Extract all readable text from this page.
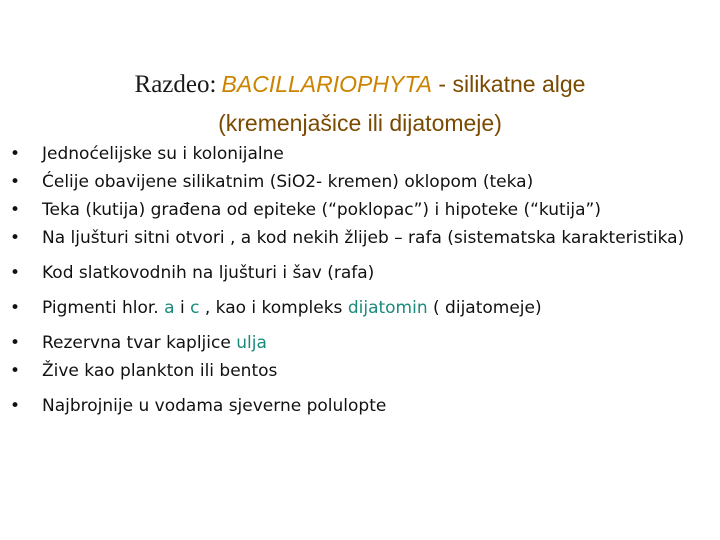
Razdeo: BACILLARIOPHYTA - silikatne alge
(kremenjašice ili dijatomeje)
•	Jednoćelijske su i kolonijalne
•	Ćelije obavijene silikatnim (SiO2- kremen) oklopom (teka)
•	Teka (kutija) građena od epiteke (“poklopac”) i hipoteke (“kutija”)
•	Na ljušturi sitni otvori , a kod nekih žlijeb – rafa (sistematska karakteristika)
•	Kod slatkovodnih na ljušturi i šav (rafa)
•	Pigmenti hlor. a i c , kao i kompleks dijatomin ( dijatomeje)
•	Rezervna tvar kapljice ulja
•	Žive kao plankton ili bentos
•	Najbrojnije u vodama sjeverne polulopte
